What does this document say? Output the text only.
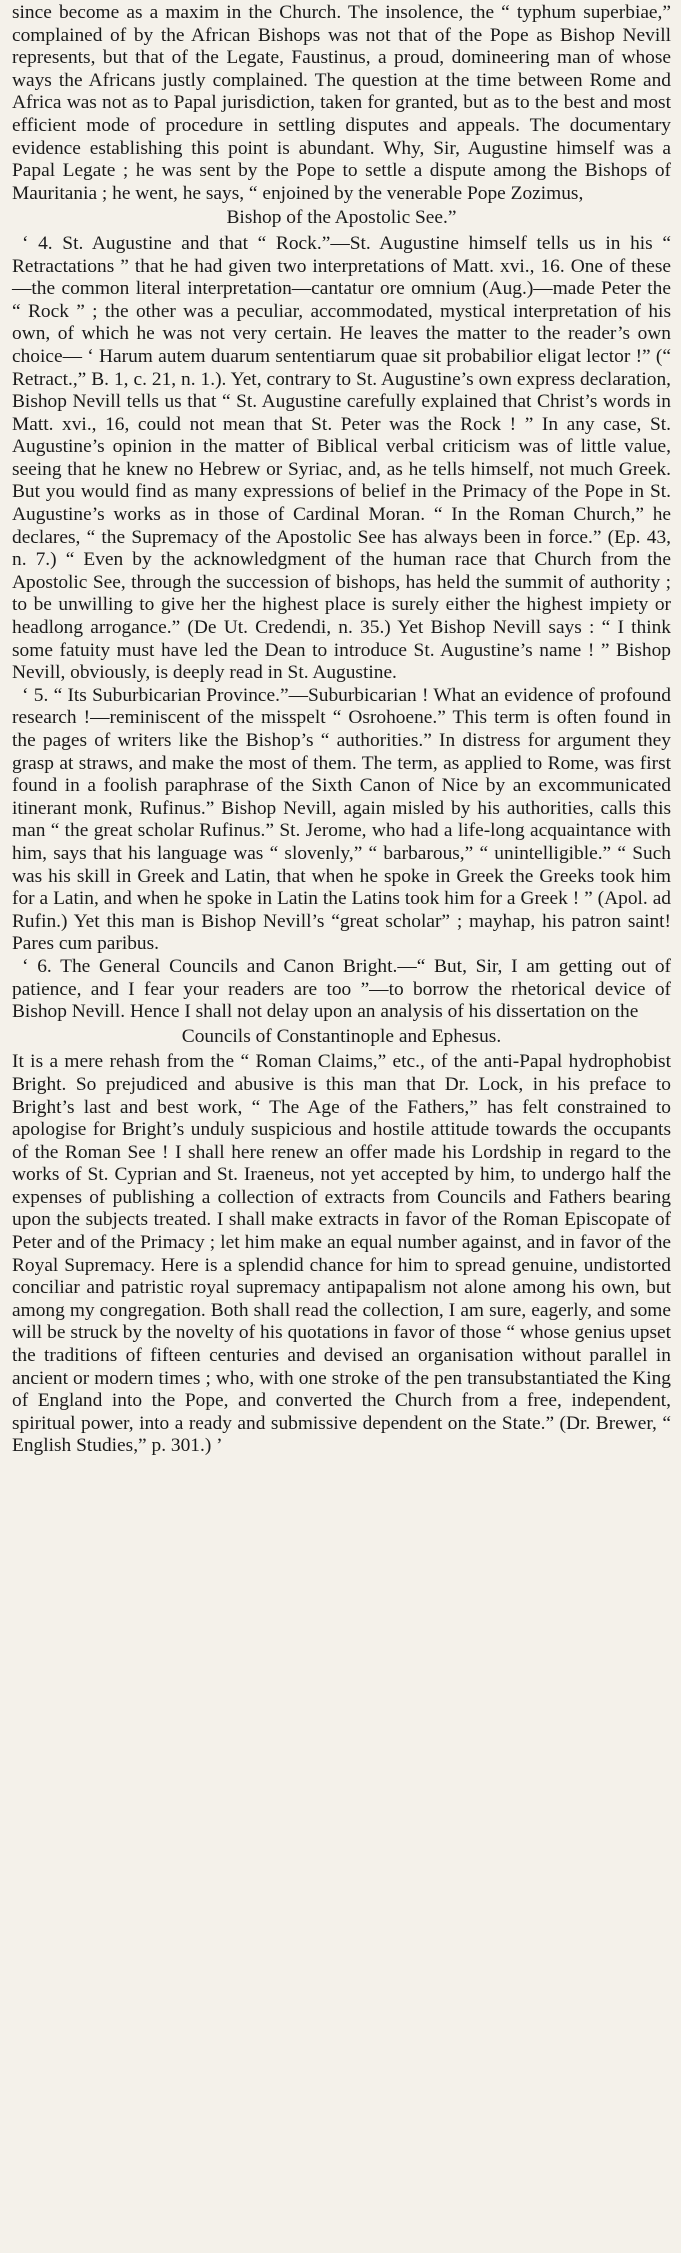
since become as a maxim in the Church. The insolence, the “ typhum superbiae,” complained of by the African Bishops was not that of the Pope as Bishop Nevill represents, but that of the Legate, Faustinus, a proud, domineering man of whose ways the Africans justly complained. The question at the time between Rome and Africa was not as to Papal jurisdiction, taken for granted, but as to the best and most efficient mode of procedure in settling disputes and appeals. The documentary evidence establishing this point is abundant. Why, Sir, Augustine himself was a Papal Legate ; he was sent by the Pope to settle a dispute among the Bishops of Mauritania ; he went, he says, “ enjoined by the venerable Pope Zozimus,

Bishop of the Apostolic See.”

‘ 4. St. Augustine and that “ Rock.”—St. Augustine himself tells us in his “ Retractations ” that he had given two interpretations of Matt. xvi., 16. One of these —the common literal interpretation—cantatur ore omnium (Aug.)—made Peter the “ Rock ” ; the other was a peculiar, accommodated, mystical interpretation of his own, of which he was not very certain. He leaves the matter to the reader’s own choice— ‘ Harum autem duarum sententiarum quae sit probabilior eligat lector !” (“ Retract.,” B. 1, c. 21, n. 1.). Yet, contrary to St. Augustine’s own express declaration, Bishop Nevill tells us that “ St. Augustine carefully explained that Christ’s words in Matt. xvi., 16, could not mean that St. Peter was the Rock ! ” In any case, St. Augustine’s opinion in the matter of Biblical verbal criticism was of little value, seeing that he knew no Hebrew or Syriac, and, as he tells himself, not much Greek. But you would find as many expressions of belief in the Primacy of the Pope in St. Augustine’s works as in those of Cardinal Moran. “ In the Roman Church,” he declares, “ the Supremacy of the Apostolic See has always been in force.” (Ep. 43, n. 7.) “ Even by the acknowledgment of the human race that Church from the Apostolic See, through the succession of bishops, has held the summit of authority ; to be unwilling to give her the highest place is surely either the highest impiety or headlong arrogance.” (De Ut. Credendi, n. 35.) Yet Bishop Nevill says : “ I think some fatuity must have led the Dean to introduce St. Augustine’s name ! ” Bishop Nevill, obviously, is deeply read in St. Augustine.

‘ 5. “ Its Suburbicarian Province.”—Suburbicarian ! What an evidence of profound research !—reminiscent of the misspelt “ Osrohoene.” This term is often found in the pages of writers like the Bishop’s “ authorities.” In distress for argument they grasp at straws, and make the most of them. The term, as applied to Rome, was first found in a foolish paraphrase of the Sixth Canon of Nice by an excommunicated itinerant monk, Rufinus.” Bishop Nevill, again misled by his authorities, calls this man “ the great scholar Rufinus.” St. Jerome, who had a life-long acquaintance with him, says that his language was “ slovenly,” “ barbarous,” “ unintelligible.” “ Such was his skill in Greek and Latin, that when he spoke in Greek the Greeks took him for a Latin, and when he spoke in Latin the Latins took him for a Greek ! ” (Apol. ad Rufin.) Yet this man is Bishop Nevill’s “great scholar” ; mayhap, his patron saint! Pares cum paribus.

‘ 6. The General Councils and Canon Bright.—“ But, Sir, I am getting out of patience, and I fear your readers are too ”—to borrow the rhetorical device of Bishop Nevill. Hence I shall not delay upon an analysis of his dissertation on the

Councils of Constantinople and Ephesus.

It is a mere rehash from the “ Roman Claims,” etc., of the anti-Papal hydrophobist Bright. So prejudiced and abusive is this man that Dr. Lock, in his preface to Bright’s last and best work, “ The Age of the Fathers,” has felt constrained to apologise for Bright’s unduly suspicious and hostile attitude towards the occupants of the Roman See ! I shall here renew an offer made his Lordship in regard to the works of St. Cyprian and St. Iraeneus, not yet accepted by him, to undergo half the expenses of publishing a collection of extracts from Councils and Fathers bearing upon the subjects treated. I shall make extracts in favor of the Roman Episcopate of Peter and of the Primacy ; let him make an equal number against, and in favor of the Royal Supremacy. Here is a splendid chance for him to spread genuine, undistorted conciliar and patristic royal supremacy antipapalism not alone among his own, but among my congregation. Both shall read the collection, I am sure, eagerly, and some will be struck by the novelty of his quotations in favor of those “ whose genius upset the traditions of fifteen centuries and devised an organisation without parallel in ancient or modern times ; who, with one stroke of the pen transubstantiated the King of England into the Pope, and converted the Church from a free, independent, spiritual power, into a ready and submissive dependent on the State.” (Dr. Brewer, “ English Studies,” p. 301.) ’
